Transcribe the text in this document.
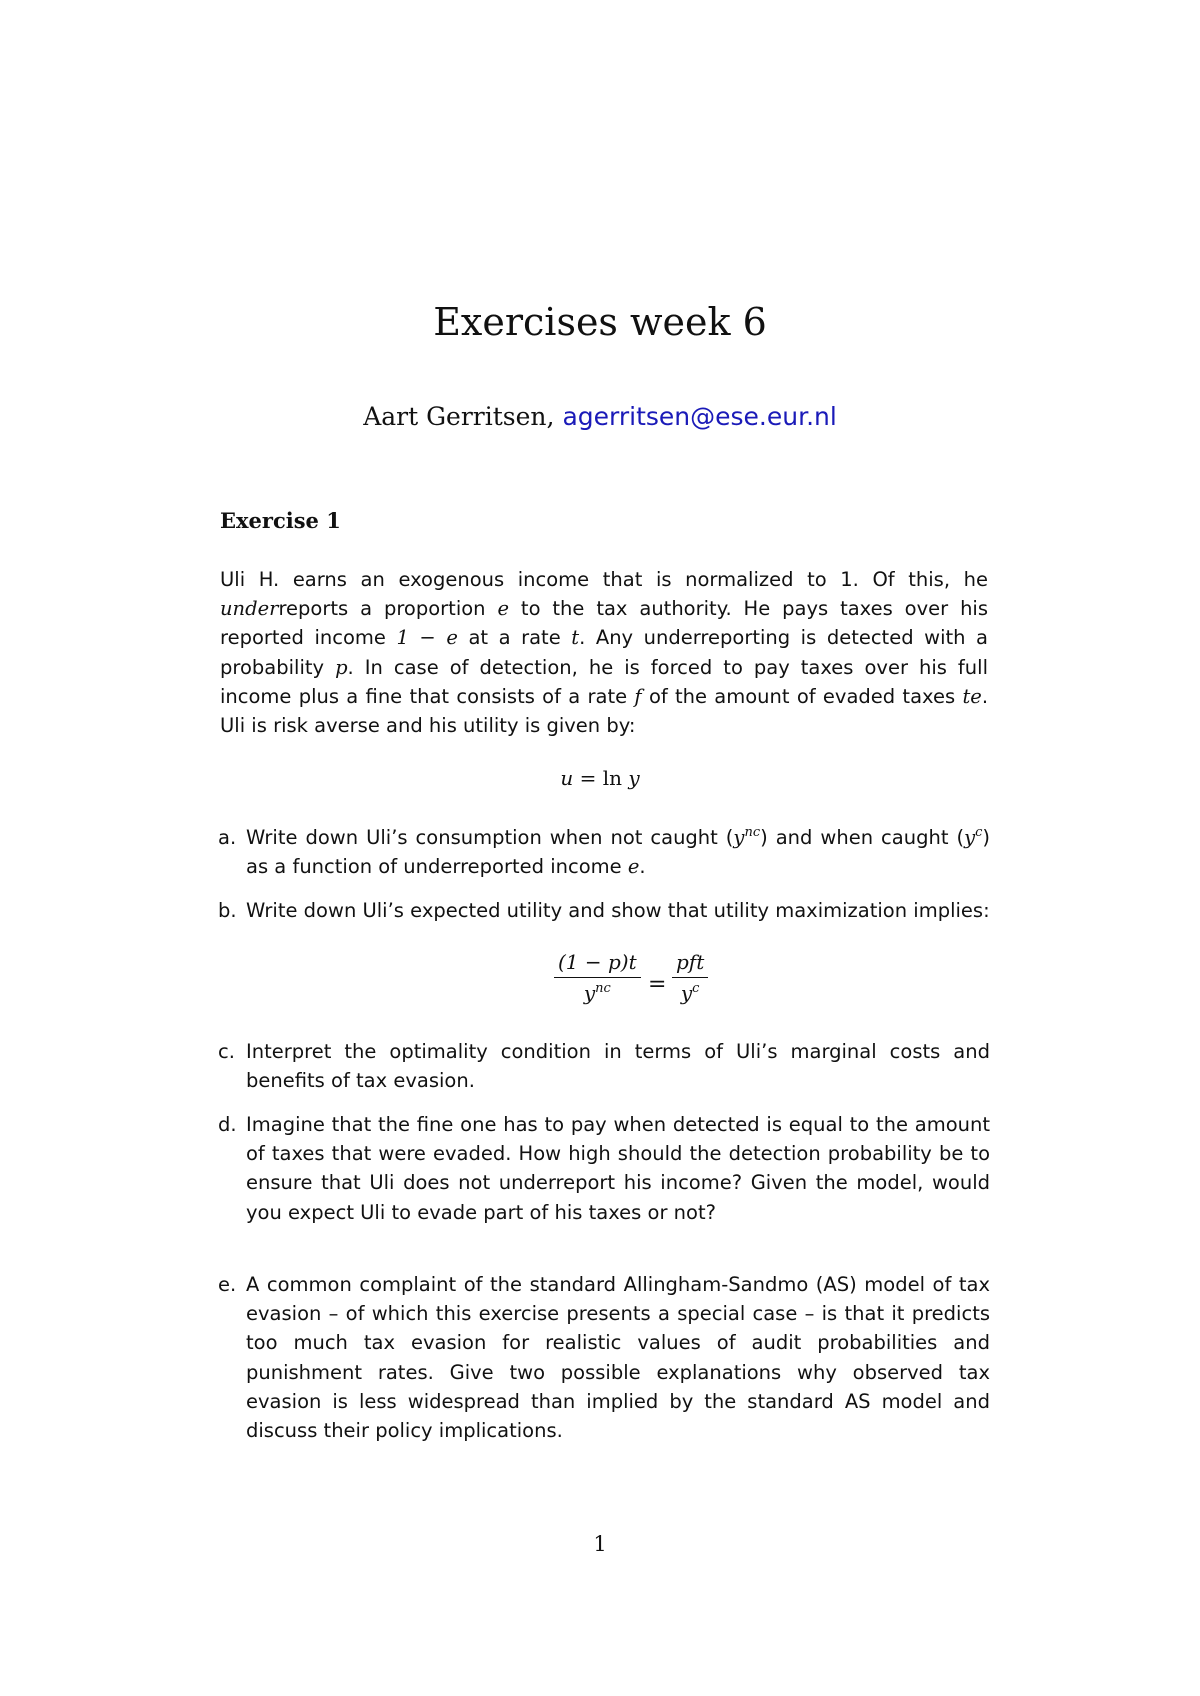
Exercises week 6
Aart Gerritsen, agerritsen@ese.eur.nl
Exercise 1
Uli H. earns an exogenous income that is normalized to 1. Of this, he underreports a proportion e to the tax authority. He pays taxes over his reported income 1 − e at a rate t. Any underreporting is detected with a probability p. In case of detection, he is forced to pay taxes over his full income plus a fine that consists of a rate f of the amount of evaded taxes te. Uli is risk averse and his utility is given by:
u = ln y
a. Write down Uli’s consumption when not caught $(y^{nc})$ and when caught $(y^c)$ as a function of underreported income e.
b. Write down Uli’s expected utility and show that utility maximization implies:
(1 − p)t
$y^{nc}$	=
pft
$y^c$
c. Interpret the optimality condition in terms of Uli’s marginal costs and benefits of tax evasion.
d. Imagine that the fine one has to pay when detected is equal to the amount of taxes that were evaded. How high should the detection probability be to ensure that Uli does not underreport his income? Given the model, would you expect Uli to evade part of his taxes or not?
e. A common complaint of the standard Allingham-Sandmo (AS) model of tax evasion – of which this exercise presents a special case – is that it predicts too much tax evasion for realistic values of audit probabilities and punishment rates. Give two possible explanations why observed tax evasion is less widespread than implied by the standard AS model and discuss their policy implications.
1
